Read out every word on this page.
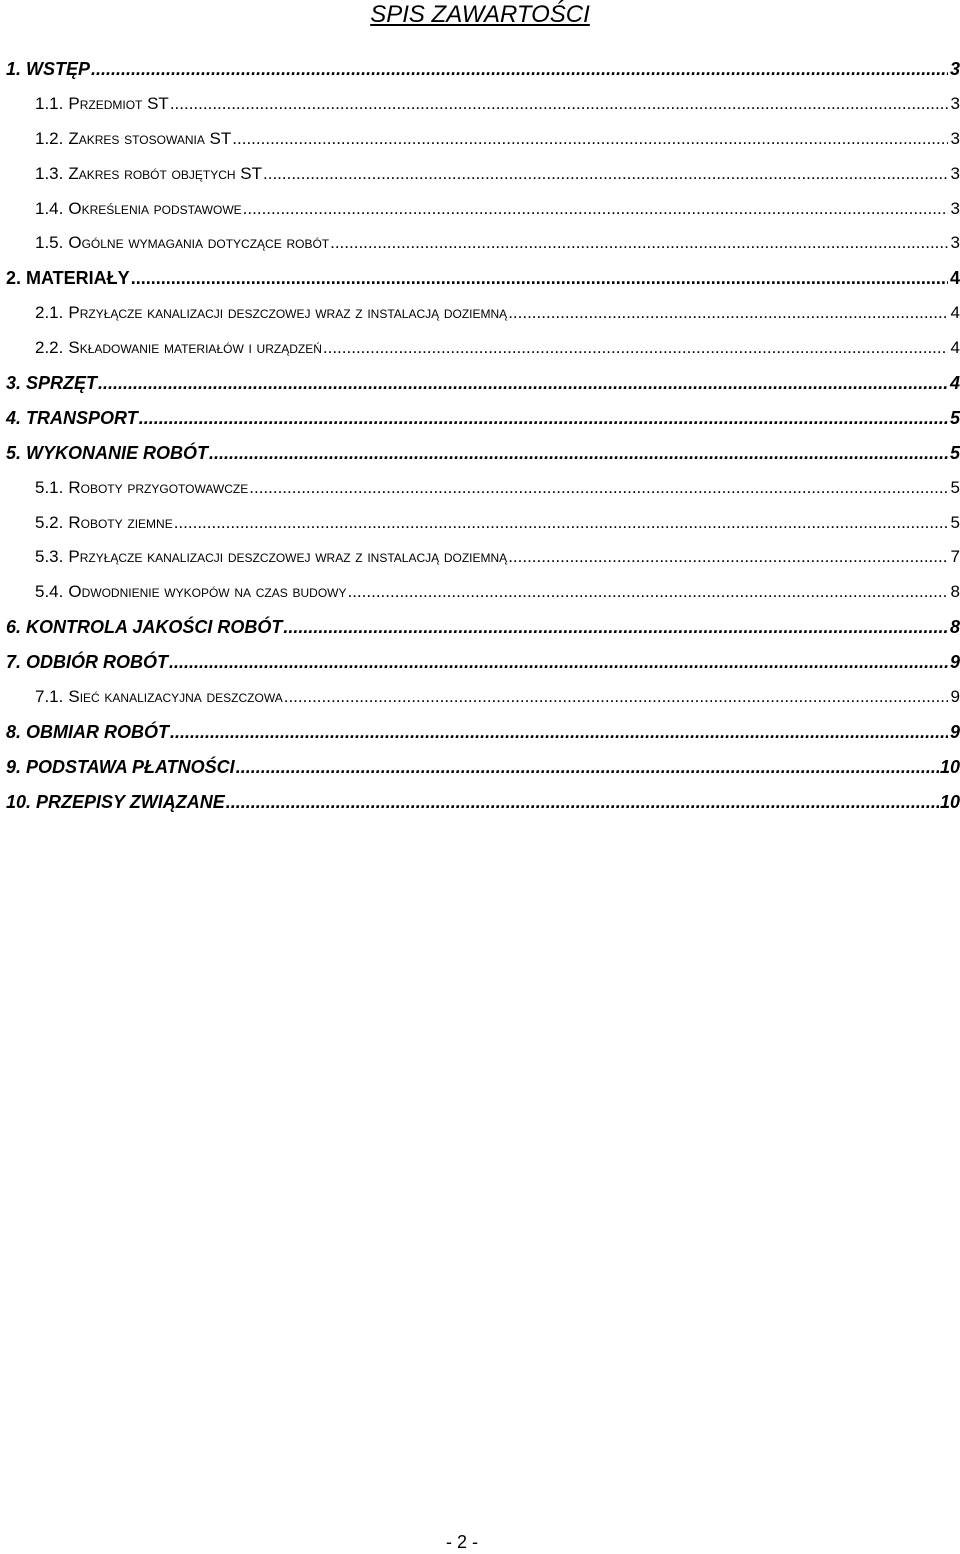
SPIS ZAWARTOŚCI
1. WSTĘP .....	3
1.1. Przedmiot ST .....	3
1.2. Zakres stosowania ST .....	3
1.3. Zakres robót objętych ST .....	3
1.4. Określenia podstawowe .....	3
1.5. Ogólne wymagania dotyczące robót .....	3
2. MATERIAŁY .....	4
2.1. Przyłącze kanalizacji deszczowej wraz z instalacją doziemną .....	4
2.2. Składowanie materiałów i urządzeń .....	4
3. SPRZĘT .....	4
4. TRANSPORT .....	5
5. WYKONANIE ROBÓT .....	5
5.1. Roboty przygotowawcze .....	5
5.2. Roboty ziemne .....	5
5.3. Przyłącze kanalizacji deszczowej wraz z instalacją doziemną .....	7
5.4. Odwodnienie wykopów na czas budowy .....	8
6. KONTROLA JAKOŚCI ROBÓT .....	8
7. ODBIÓR ROBÓT .....	9
7.1. Sieć kanalizacyjna deszczowa .....	9
8. OBMIAR ROBÓT .....	9
9. PODSTAWA PŁATNOŚCI .....	10
10. PRZEPISY ZWIĄZANE .....	10
- 2 -
